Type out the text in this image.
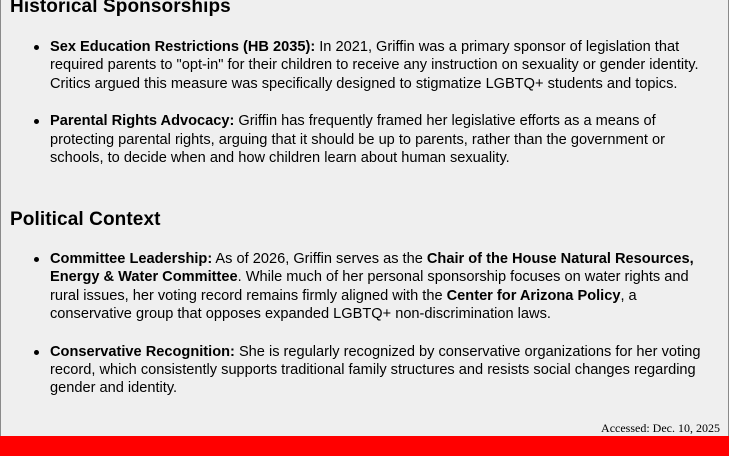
Historical Sponsorships
Sex Education Restrictions (HB 2035): In 2021, Griffin was a primary sponsor of legislation that required parents to "opt-in" for their children to receive any instruction on sexuality or gender identity. Critics argued this measure was specifically designed to stigmatize LGBTQ+ students and topics.
Parental Rights Advocacy: Griffin has frequently framed her legislative efforts as a means of protecting parental rights, arguing that it should be up to parents, rather than the government or schools, to decide when and how children learn about human sexuality.
Political Context
Committee Leadership: As of 2026, Griffin serves as the Chair of the House Natural Resources, Energy & Water Committee. While much of her personal sponsorship focuses on water rights and rural issues, her voting record remains firmly aligned with the Center for Arizona Policy, a conservative group that opposes expanded LGBTQ+ non-discrimination laws.
Conservative Recognition: She is regularly recognized by conservative organizations for her voting record, which consistently supports traditional family structures and resists social changes regarding gender and identity.
Accessed: Dec. 10, 2025
